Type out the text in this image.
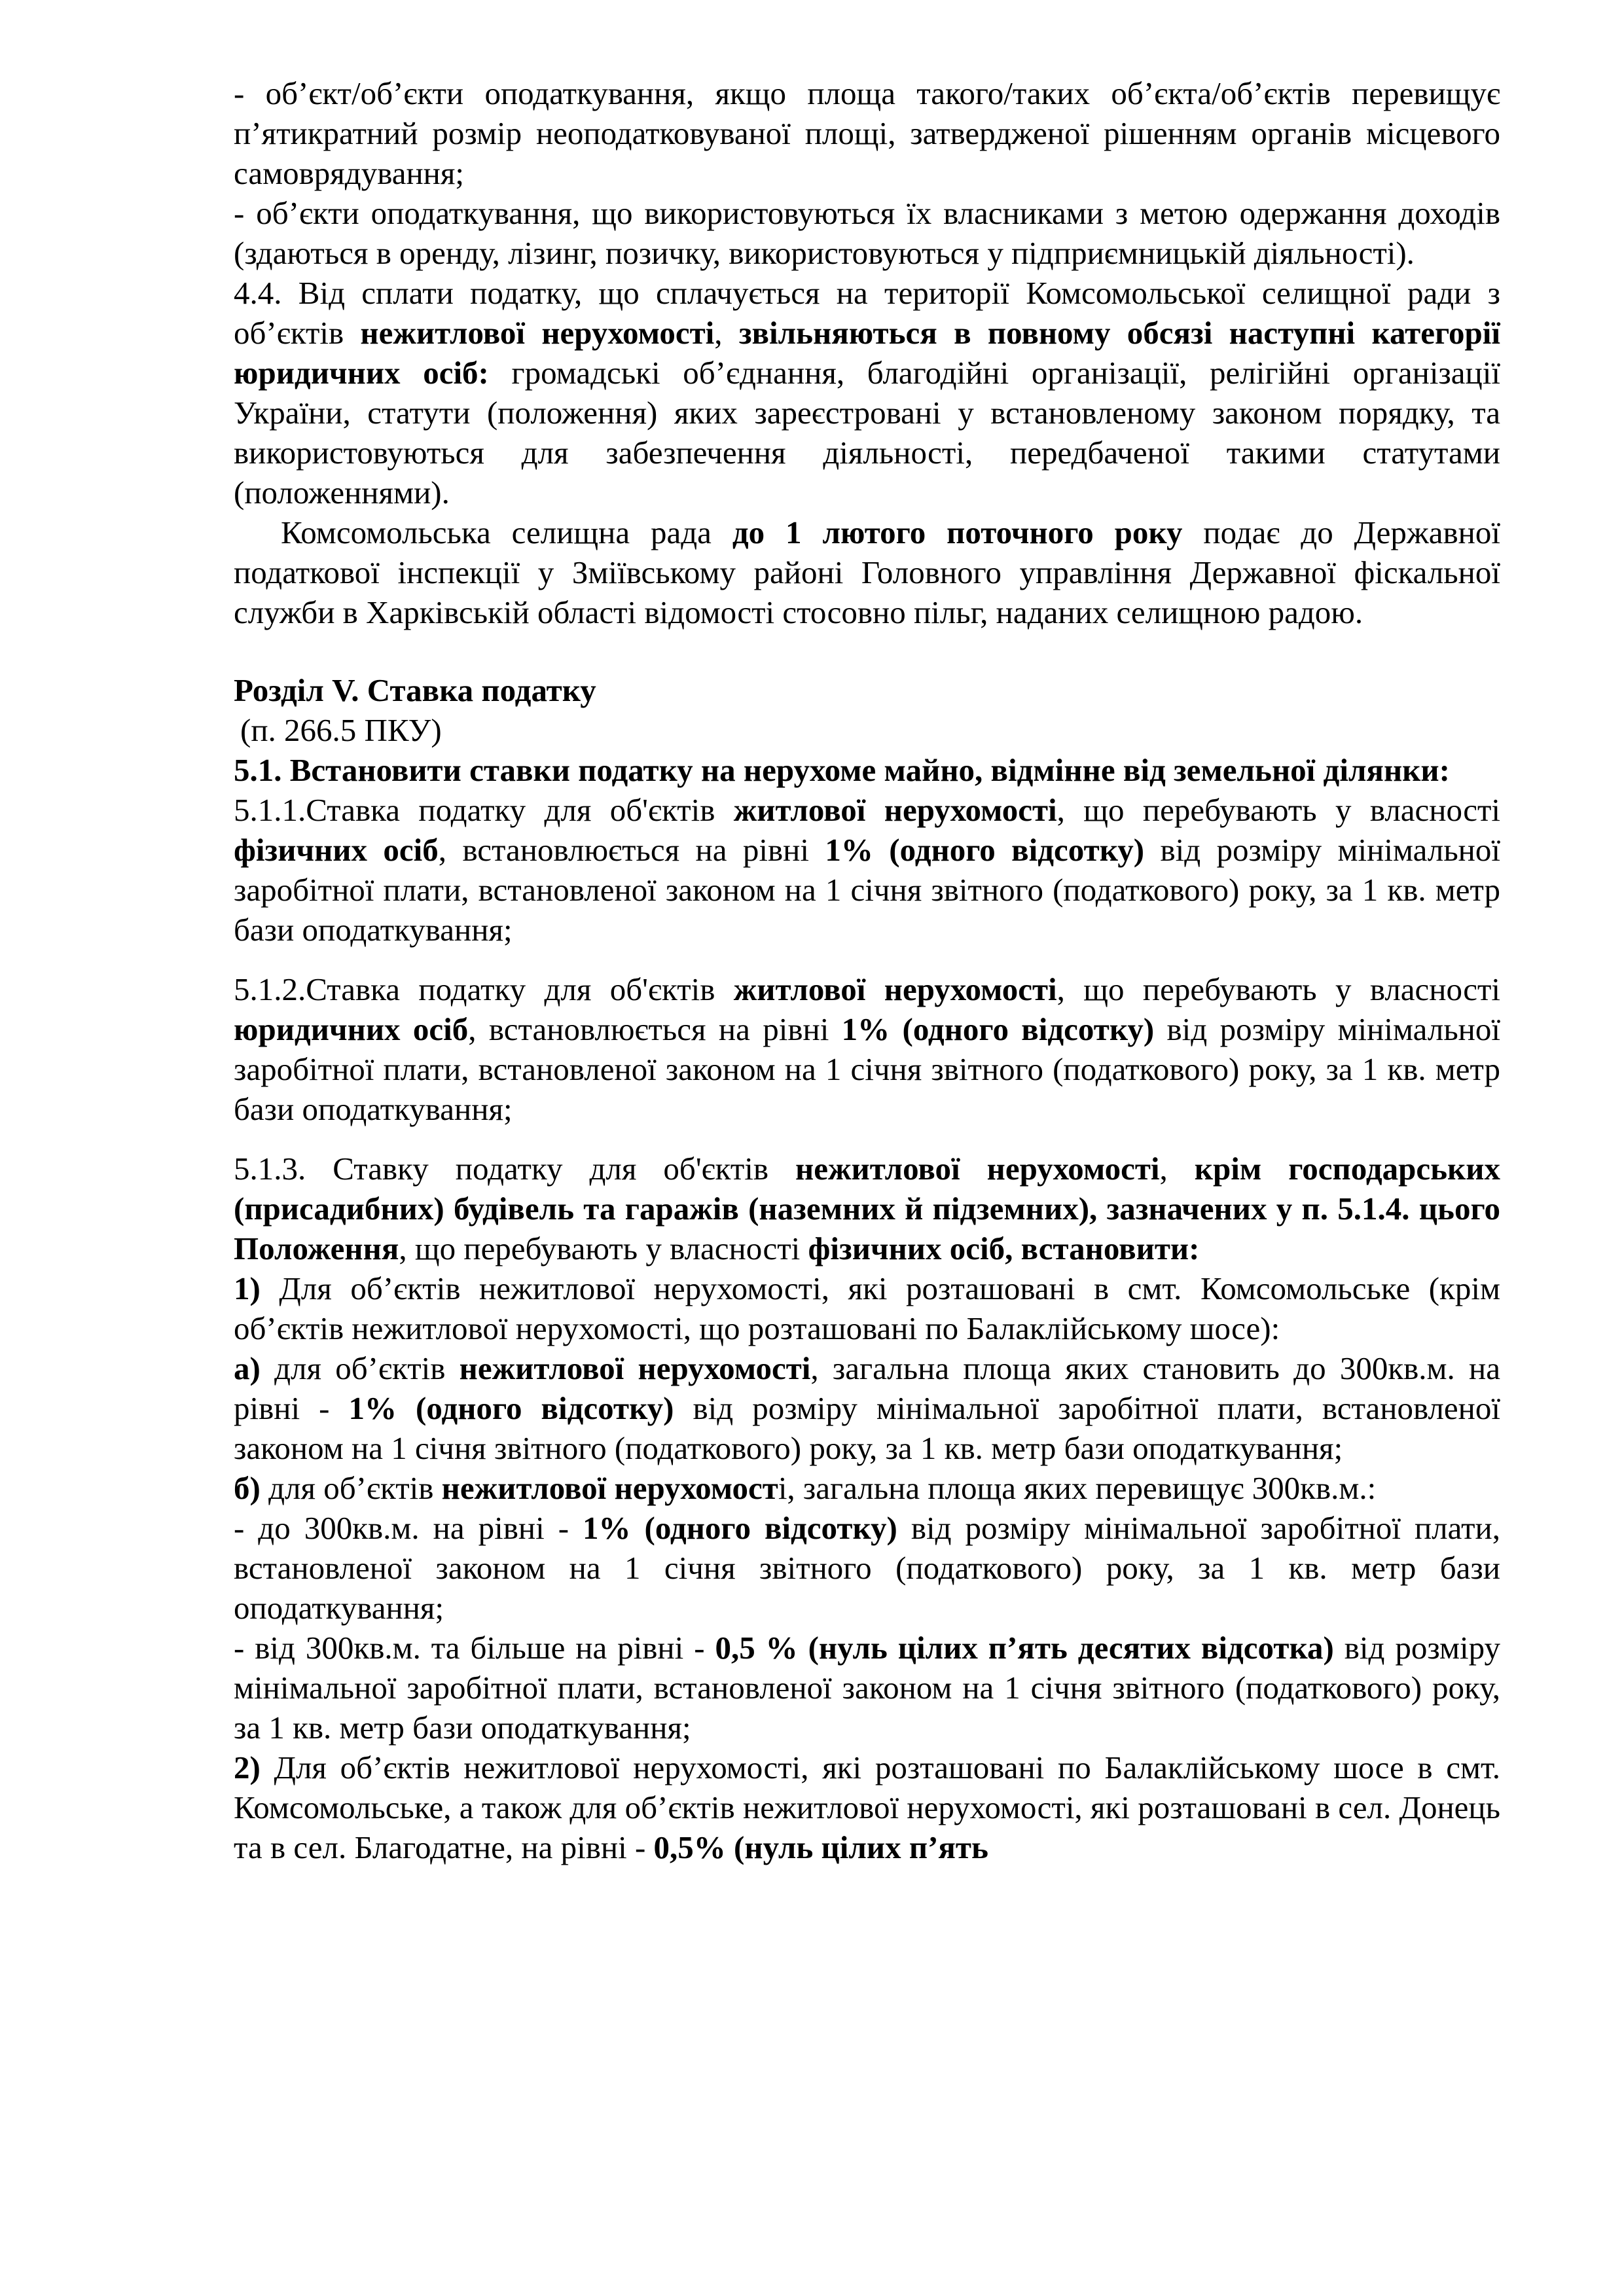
- об’єкт/об’єкти оподаткування, якщо площа такого/таких об’єкта/об’єктів перевищує п’ятикратний розмір неоподатковуваної площі, затвердженої рішенням органів місцевого самоврядування;

- об’єкти оподаткування, що використовуються їх власниками з метою одержання доходів (здаються в оренду, лізинг, позичку, використовуються у підприємницькій діяльності).

4.4. Від сплати податку, що сплачується на території Комсомольської селищної ради з об’єктів нежитлової нерухомості, звільняються в повному обсязі наступні категорії юридичних осіб: громадські об’єднання, благодійні організації, релігійні організації України, статути (положення) яких зареєстровані у встановленому законом порядку, та використовуються для забезпечення діяльності, передбаченої такими статутами (положеннями).

Комсомольська селищна рада до 1 лютого поточного року подає до Державної податкової інспекції у Зміївському районі Головного управління Державної фіскальної служби в Харківській області відомості стосовно пільг, наданих селищною радою.

Розділ V. Ставка податку

(п. 266.5 ПКУ)

5.1. Встановити ставки податку на нерухоме майно, відмінне від земельної ділянки:

5.1.1.Ставка податку для об'єктів житлової нерухомості, що перебувають у власності фізичних осіб, встановлюється на рівні 1% (одного відсотку) від розміру мінімальної заробітної плати, встановленої законом на 1 січня звітного (податкового) року, за 1 кв. метр бази оподаткування;

5.1.2.Ставка податку для об'єктів житлової нерухомості, що перебувають у власності юридичних осіб, встановлюється на рівні 1% (одного відсотку) від розміру мінімальної заробітної плати, встановленої законом на 1 січня звітного (податкового) року, за 1 кв. метр бази оподаткування;

5.1.3. Ставку податку для об'єктів нежитлової нерухомості, крім господарських (присадибних) будівель та гаражів (наземних й підземних), зазначених у п. 5.1.4. цього Положення, що перебувають у власності фізичних осіб, встановити:

1) Для об’єктів нежитлової нерухомості, які розташовані в смт. Комсомольське (крім об’єктів нежитлової нерухомості, що розташовані по Балаклійському шосе):

а) для об’єктів нежитлової нерухомості, загальна площа яких становить до 300кв.м. на рівні - 1% (одного відсотку) від розміру мінімальної заробітної плати, встановленої законом на 1 січня звітного (податкового) року, за 1 кв. метр бази оподаткування;

б) для об’єктів нежитлової нерухомості, загальна площа яких перевищує 300кв.м.:

- до 300кв.м. на рівні - 1% (одного відсотку) від розміру мінімальної заробітної плати, встановленої законом на 1 січня звітного (податкового) року, за 1 кв. метр бази оподаткування;

- від 300кв.м. та більше на рівні - 0,5 % (нуль цілих п’ять десятих відсотка) від розміру мінімальної заробітної плати, встановленої законом на 1 січня звітного (податкового) року, за 1 кв. метр бази оподаткування;

2) Для об’єктів нежитлової нерухомості, які розташовані по Балаклійському шосе в смт. Комсомольське, а також для об’єктів нежитлової нерухомості, які розташовані в сел. Донець та в сел. Благодатне, на рівні - 0,5% (нуль цілих п’ять
